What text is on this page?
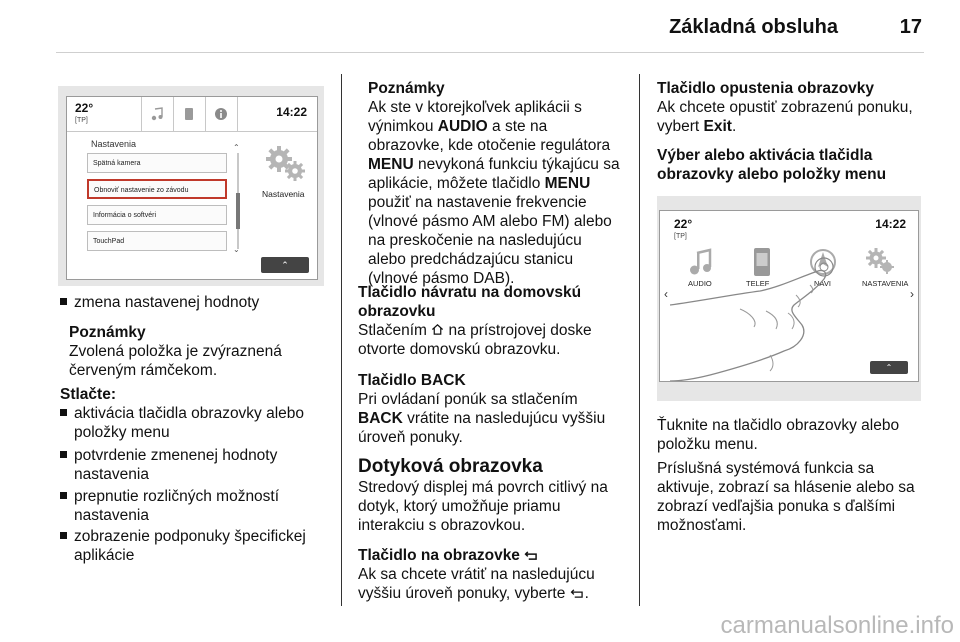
Základná obsluha	17
22°
[TP]
14:22
Nastavenia
Spätná kamera
Obnoviť nastavenie zo závodu
Informácia o softvéri
TouchPad
⌃
⌄
Nastavenia
⌃
zmena nastavenej hodnoty
Poznámky
Zvolená položka je zvýraznená
červeným rámčekom.
Stlačte:
aktivácia tlačidla obrazovky alebo
položky menu
potvrdenie zmenenej hodnoty
nastavenia
prepnutie rozličných možností
nastavenia
zobrazenie podponuky špecifickej
aplikácie
Poznámky
Ak ste v ktorejkoľvek aplikácii s
výnimkou AUDIO a ste na
obrazovke, kde otočenie regulátora
MENU nevykoná funkciu týkajúcu sa
aplikácie, môžete tlačidlo MENU
použiť na nastavenie frekvencie
(vlnové pásmo AM alebo FM) alebo
na preskočenie na nasledujúcu
alebo predchádzajúcu stanicu
(vlnové pásmo DAB).
Tlačidlo návratu na domovskú
obrazovku
Stlačením  na prístrojovej doske
otvorte domovskú obrazovku.
Tlačidlo BACK
Pri ovládaní ponúk sa stlačením
BACK vrátite na nasledujúcu vyššiu
úroveň ponuky.
Dotyková obrazovka
Stredový displej má povrch citlivý na
dotyk, ktorý umožňuje priamu
interakciu s obrazovkou.
Tlačidlo na obrazovke
Ak sa chcete vrátiť na nasledujúcu
vyššiu úroveň ponuky, vyberte .
Tlačidlo opustenia obrazovky
Ak chcete opustiť zobrazenú ponuku,
vybert Exit.
Výber alebo aktivácia tlačidla
obrazovky alebo položky menu
Ťuknite na tlačidlo obrazovky alebo
položku menu.
Príslušná systémová funkcia sa
aktivuje, zobrazí sa hlásenie alebo sa
zobrazí vedľajšia ponuka s ďalšími
možnosťami.
22°
[TP]
14:22
AUDIO	TELEF	NAVI	NASTAVENIA
‹	›
⌃
carmanualsonline.info
